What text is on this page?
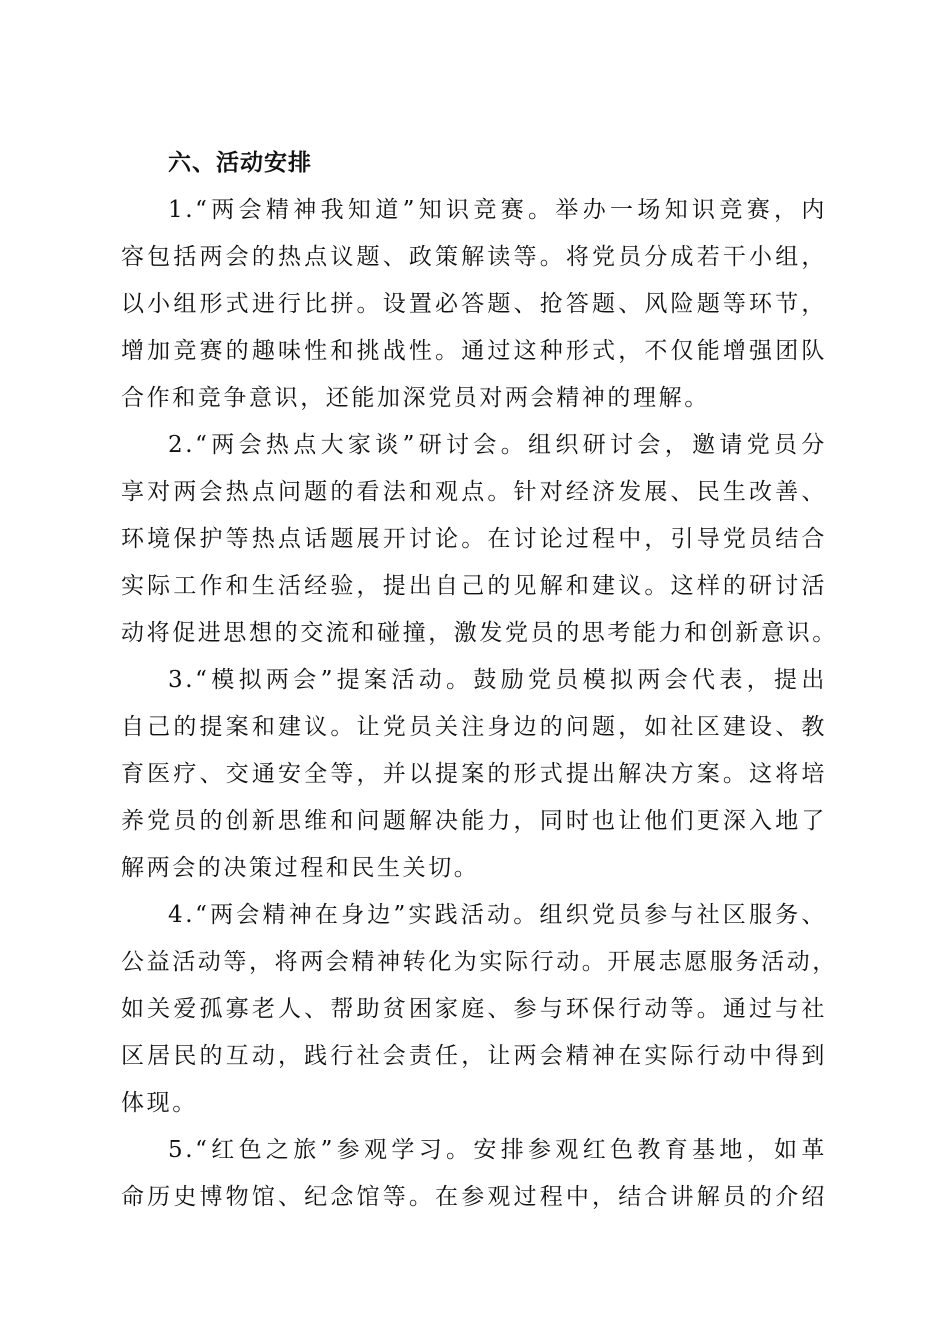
六、活动安排

1.“两会精神我知道”知识竞赛。举办一场知识竞赛，内
容包括两会的热点议题、政策解读等。将党员分成若干小组，
以小组形式进行比拼。设置必答题、抢答题、风险题等环节，
增加竞赛的趣味性和挑战性。通过这种形式，不仅能增强团队
合作和竞争意识，还能加深党员对两会精神的理解。

2.“两会热点大家谈”研讨会。组织研讨会，邀请党员分
享对两会热点问题的看法和观点。针对经济发展、民生改善、
环境保护等热点话题展开讨论。在讨论过程中，引导党员结合
实际工作和生活经验，提出自己的见解和建议。这样的研讨活
动将促进思想的交流和碰撞，激发党员的思考能力和创新意识。

3.“模拟两会”提案活动。鼓励党员模拟两会代表，提出
自己的提案和建议。让党员关注身边的问题，如社区建设、教
育医疗、交通安全等，并以提案的形式提出解决方案。这将培
养党员的创新思维和问题解决能力，同时也让他们更深入地了
解两会的决策过程和民生关切。

4.“两会精神在身边”实践活动。组织党员参与社区服务、
公益活动等，将两会精神转化为实际行动。开展志愿服务活动，
如关爱孤寡老人、帮助贫困家庭、参与环保行动等。通过与社
区居民的互动，践行社会责任，让两会精神在实际行动中得到
体现。

5.“红色之旅”参观学习。安排参观红色教育基地，如革
命历史博物馆、纪念馆等。在参观过程中，结合讲解员的介绍
